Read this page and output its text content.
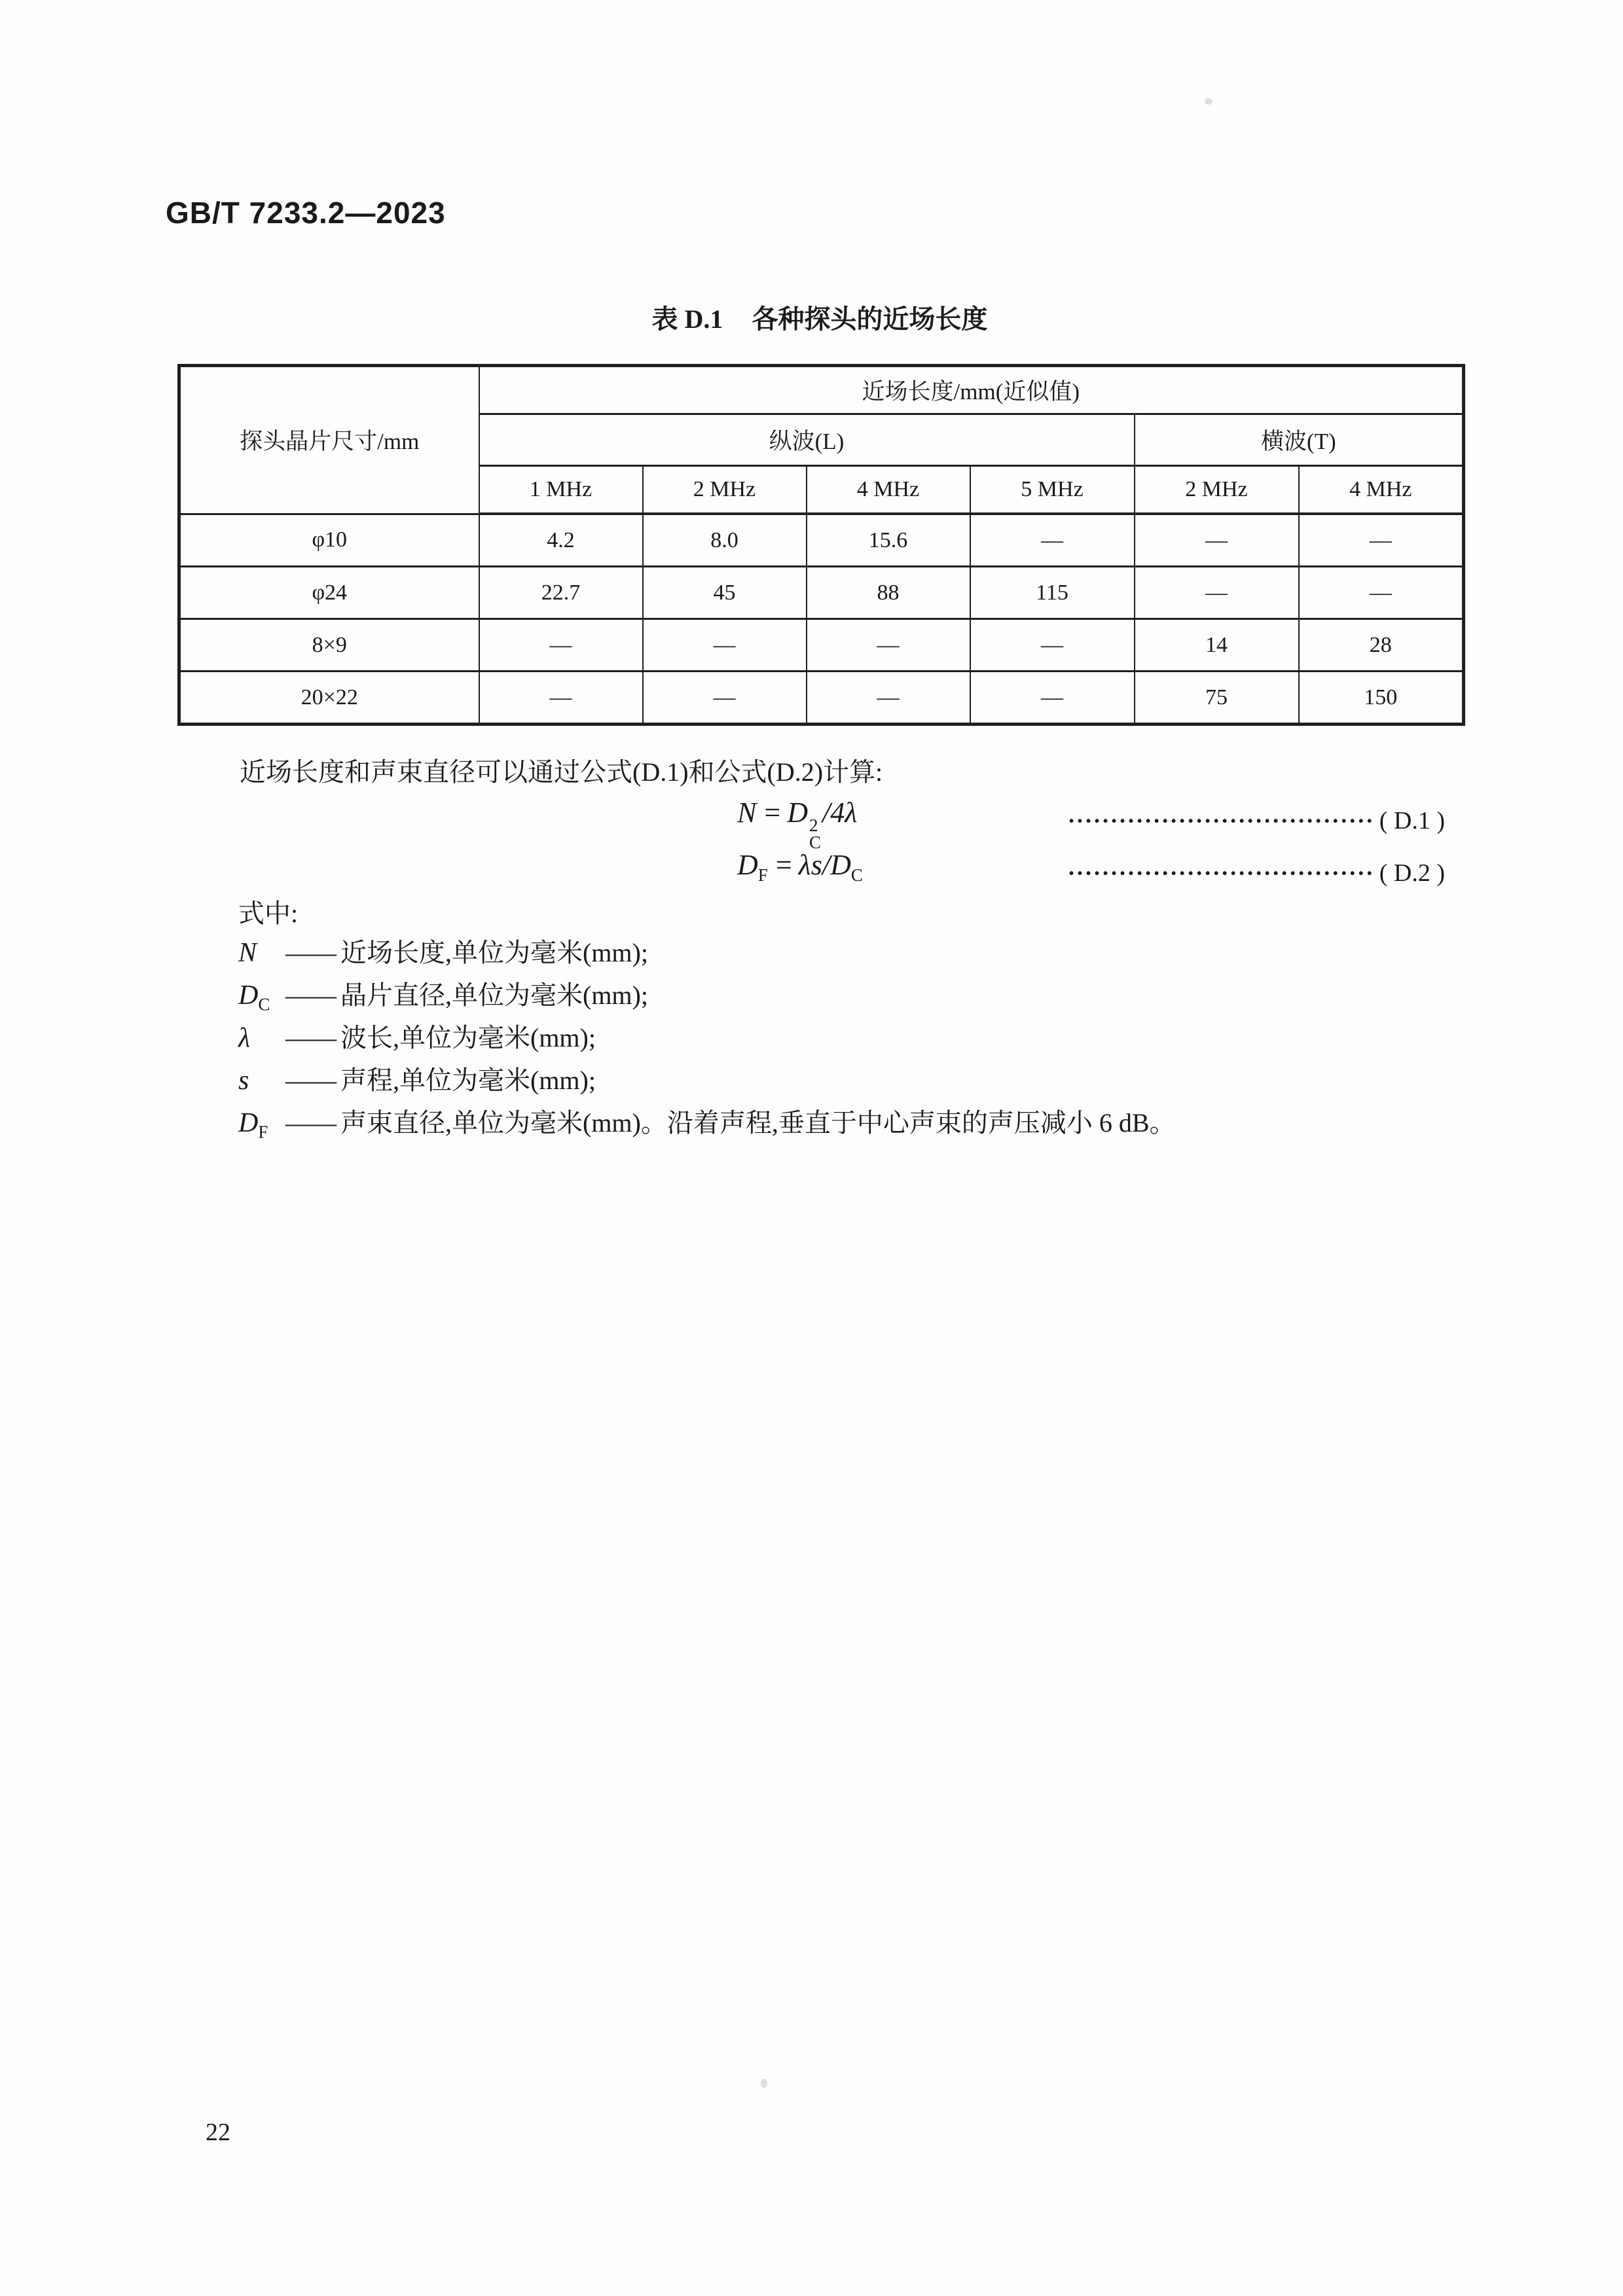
GB/T 7233.2—2023
表 D.1 各种探头的近场长度
探头晶片尺寸/mm	近场长度/mm(近似值)					
	纵波(L)				横波(T)	
	1 MHz	2 MHz	4 MHz	5 MHz	2 MHz	4 MHz
φ10	4.2	8.0	15.6	—	—	—
φ24	22.7	45	88	115	—	—
8×9	—	—	—	—	14	28
20×22	—	—	—	—	75	150
近场长度和声束直径可以通过公式(D.1)和公式(D.2)计算:
N = D 2
C
/4λ	···································· ( D.1 )
$D_F = \lambda s/D_C$	···································· ( D.2 )
式中:
N	—— 近场长度,单位为毫米(mm);
$D_C$ —— 晶片直径,单位为毫米(mm);
λ	—— 波长,单位为毫米(mm);
s	—— 声程,单位为毫米(mm);
$D_F$ —— 声束直径,单位为毫米(mm)。沿着声程,垂直于中心声束的声压减小 6 dB。
22
